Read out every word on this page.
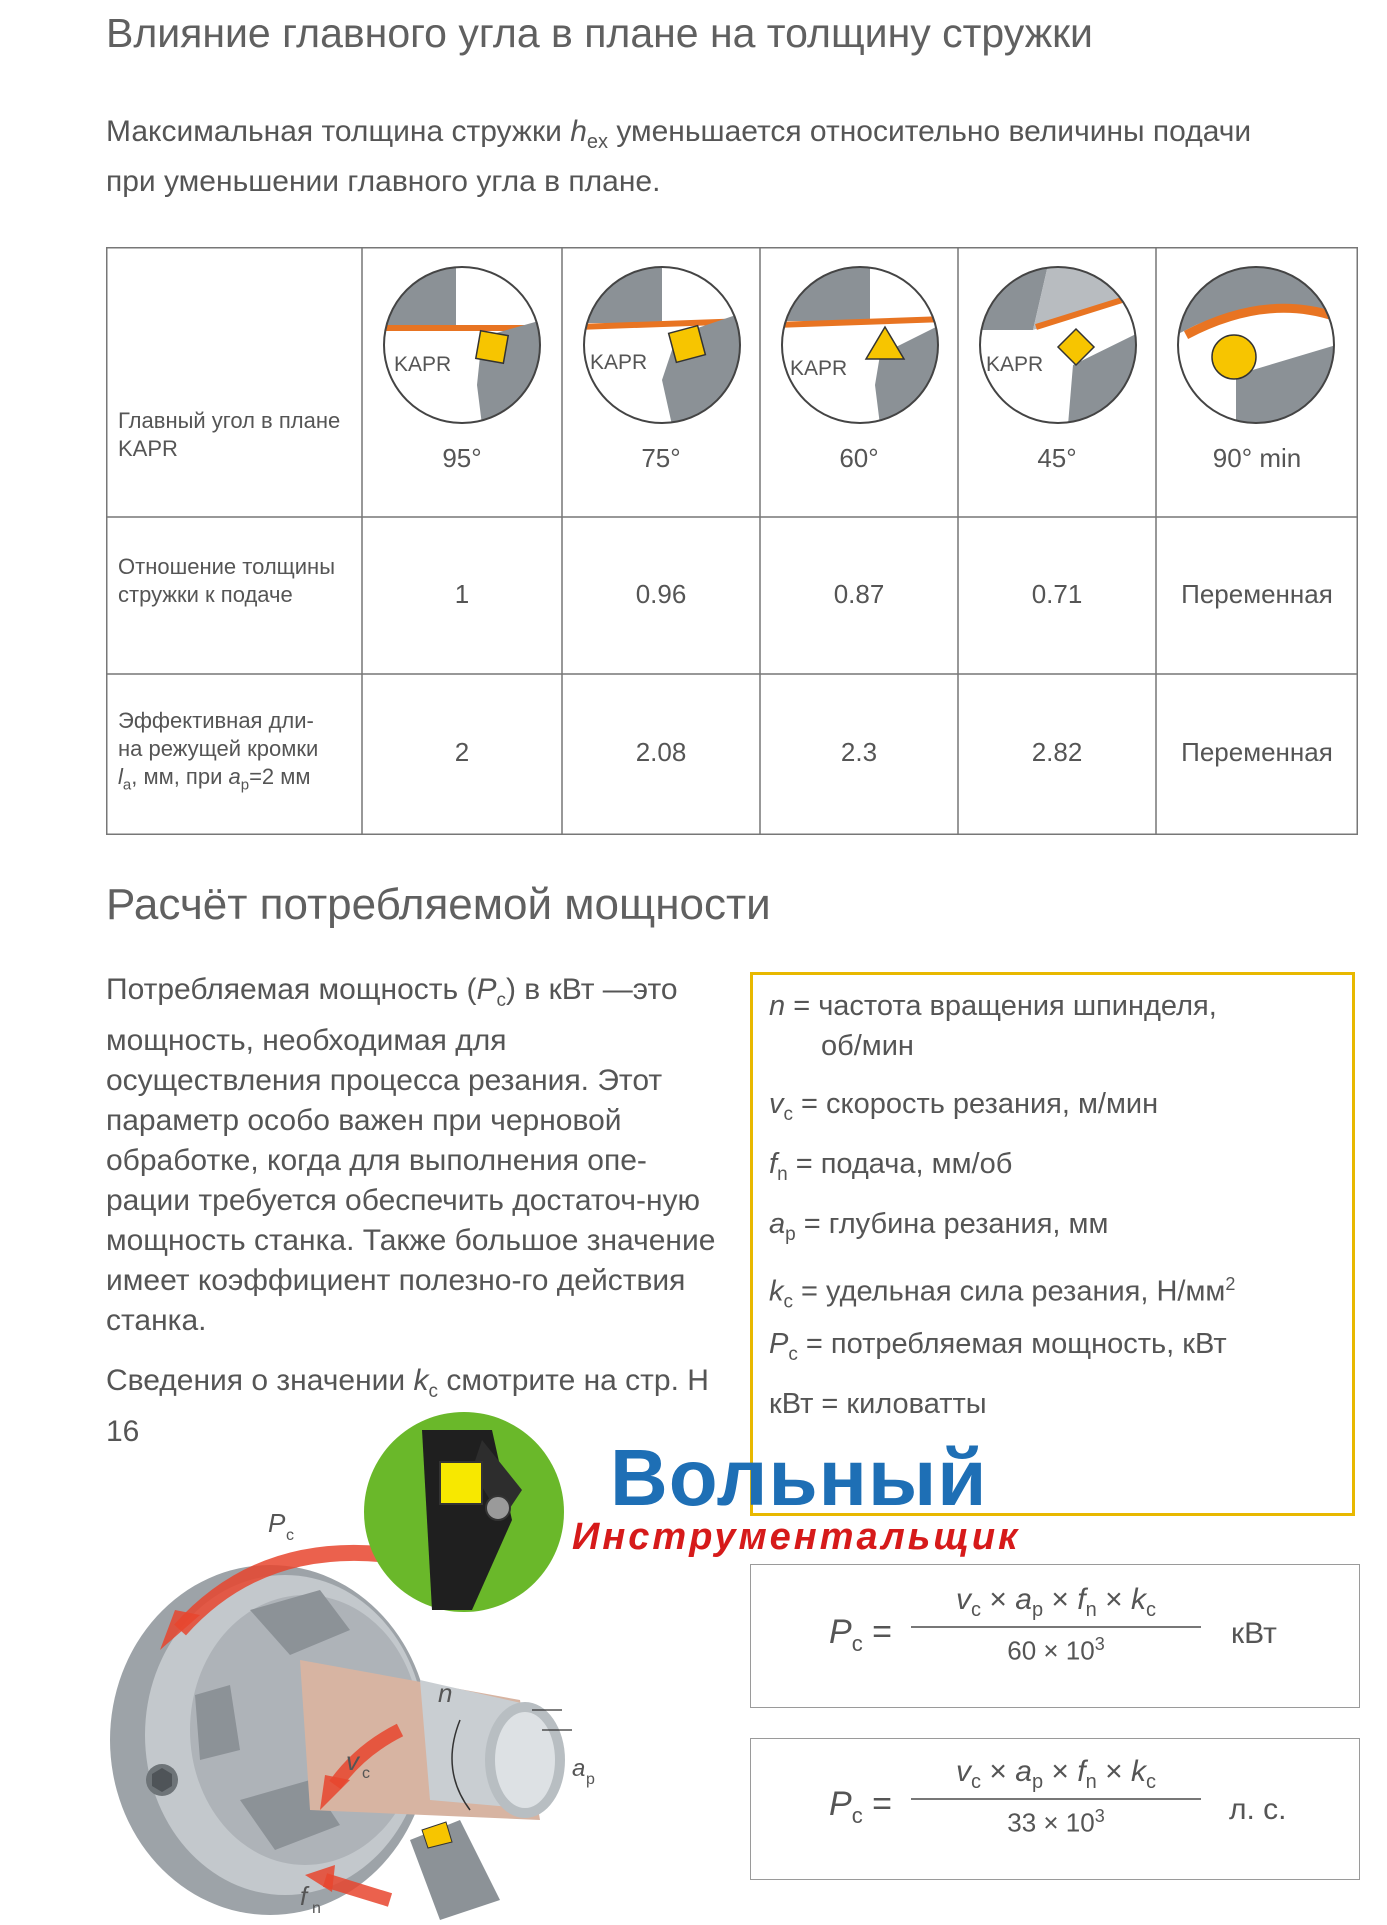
Влияние главного угла в плане на толщину стружки
Максимальная толщина стружки $h_{ex}$ уменьшается относительно величины подачи при уменьшении главного угла в плане.
Главный угол в плане KAPR
KAPR	KAPR	KAPR	KAPR
95°	75°	60°	45°	90° min
Отношение толщины стружки к подаче	1	0.96	0.87	0.71	Переменная
Эффективная дли-
на режущей кромки
$l_a$, мм, при $a_p=2$ мм
2	2.08	2.3	2.82	Переменная
Расчёт потребляемой мощности

Потребляемая мощность $(P_c)$ в кВт —это мощность, необходимая для осуществления процесса резания. Этот параметр особо важен при черновой обработке, когда для выполнения опе-рации требуется обеспечить достаточ-ную мощность станка. Также большое значение имеет коэффициент полезно-го действия станка.

Сведения о значении $k_c$ смотрите на стр. Н 16

n = частота вращения шпинделя,
об/мин
$v_c$ = скорость резания, м/мин
$f_n$ = подача, мм/об
$a_p$ = глубина резания, мм
$k_c$ = удельная сила резания, $Н/мм^2$
$P_c$ = потребляемая мощность, кВт
кВт = киловатты
$P_c$ =
$v_c \times a_p \times f_n \times k_c$
$60 \times 10^3$	кВт
$P_c$ =
$v_c \times a_p \times f_n \times k_c$
$33 \times 10^3$	л. с.
P c
n
v c	a p
f n
Вольный
Инструментальщик
